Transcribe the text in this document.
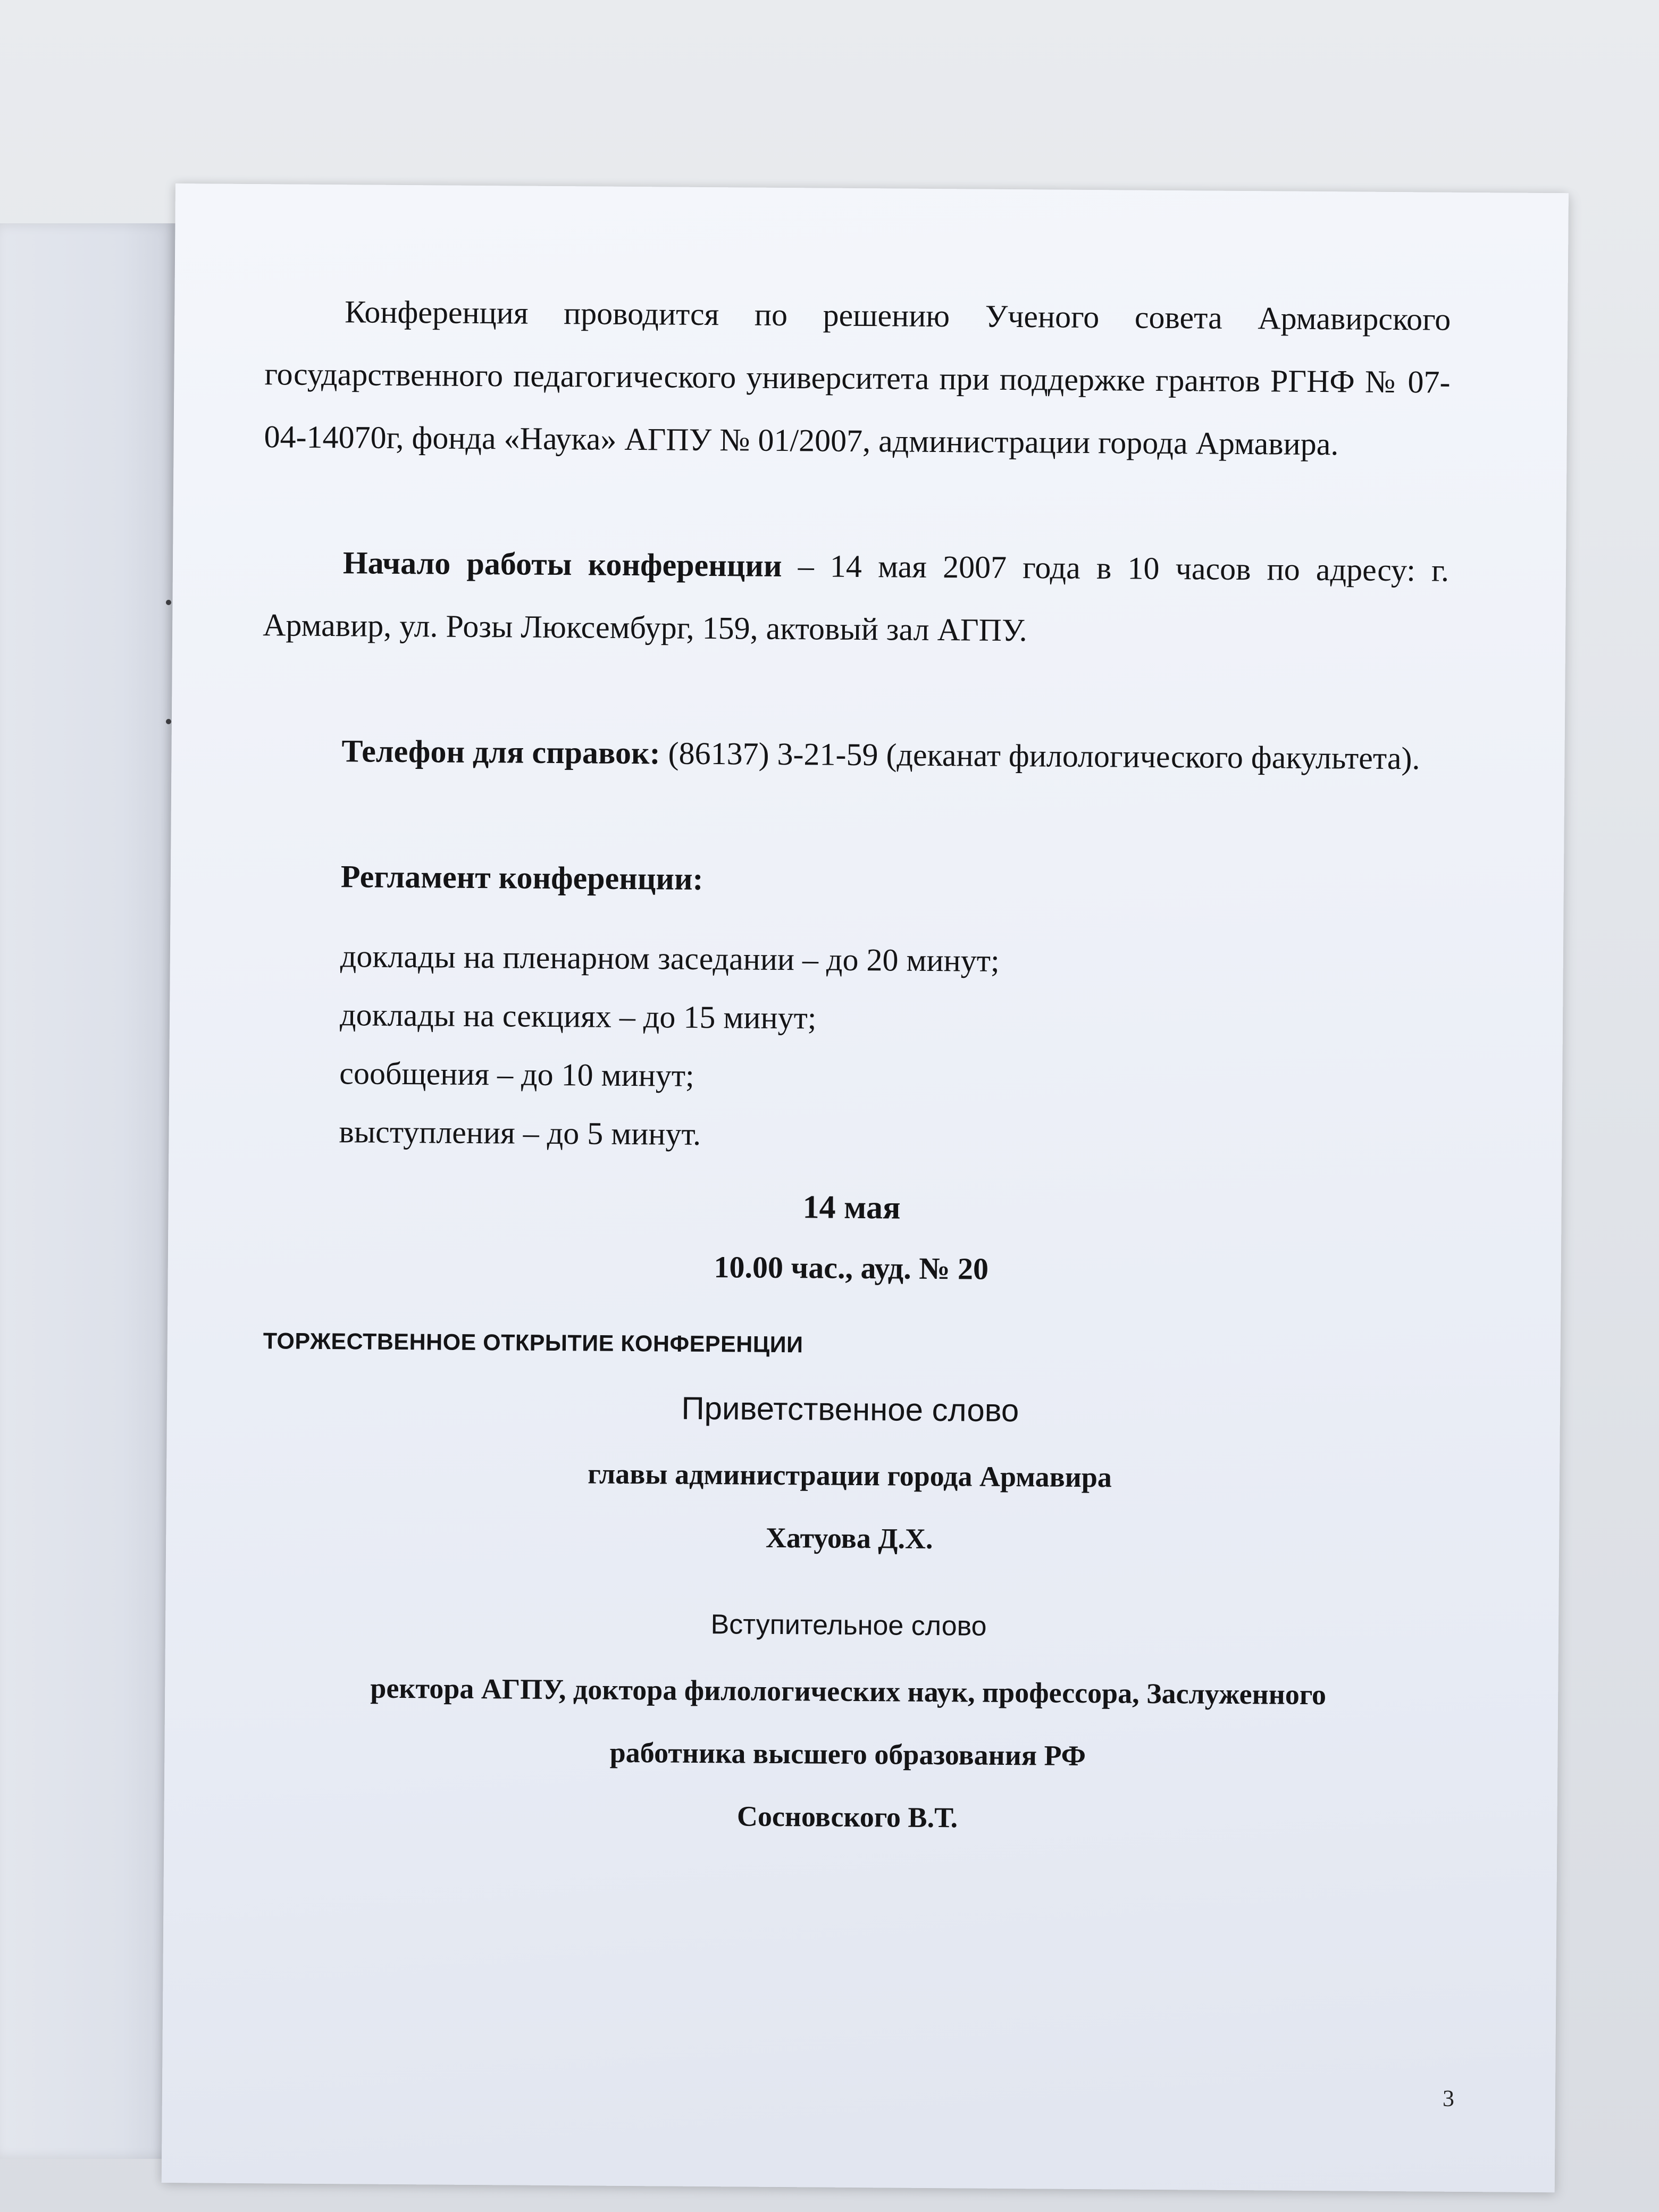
Конференция проводится по решению Ученого совета Армавирского государственного педагогического университета при поддержке грантов РГНФ № 07-04-14070г, фонда «Наука» АГПУ № 01/2007, администрации города Армавира.

Начало работы конференции – 14 мая 2007 года в 10 часов по адресу: г. Армавир, ул. Розы Люксембург, 159, актовый зал АГПУ.

Телефон для справок: (86137) 3-21-59 (деканат филологического факультета).

Регламент конференции:

доклады на пленарном заседании – до 20 минут;

доклады на секциях – до 15 минут;

сообщения – до 10 минут;

выступления – до 5 минут.

14 мая

10.00 час., ауд. № 20

ТОРЖЕСТВЕННОЕ ОТКРЫТИЕ КОНФЕРЕНЦИИ

Приветственное слово

главы администрации города Армавира

Хатуова Д.Х.

Вступительное слово

ректора АГПУ, доктора филологических наук, профессора, Заслуженного

работника высшего образования РФ

Сосновского В.Т.

3
